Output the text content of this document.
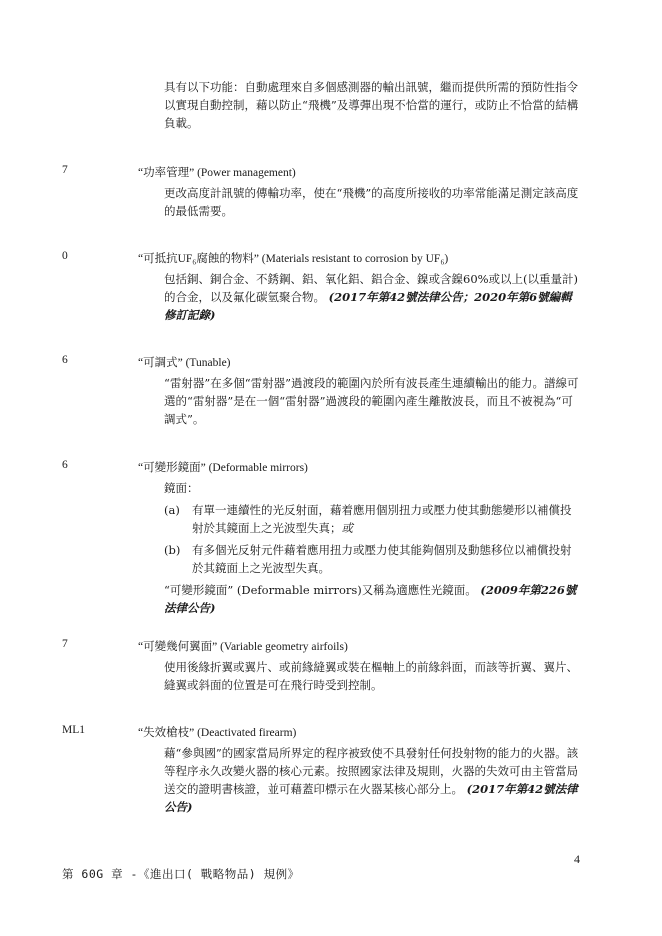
具有以下功能：自動處理來自多個感測器的輸出訊號，繼而提供所需的預防性指令以實現自動控制，藉以防止“飛機”及導彈出現不恰當的運行，或防止不恰當的結構負載。
7	“功率管理” (Power management)
更改高度計訊號的傳輸功率，使在“飛機”的高度所接收的功率常能滿足測定該高度的最低需要。
0	“可抵抗UF₆腐蝕的物料” (Materials resistant to corrosion by UF₆)
包括銅、銅合金、不銹鋼、鋁、氧化鋁、鋁合金、鎳或含鎳60%或以上(以重量計)的合金，以及氟化碳氫聚合物。 (2017年第42號法律公告；2020年第6號編輯修訂記錄)
6	“可調式” (Tunable)
“雷射器”在多個“雷射器”過渡段的範圍內於所有波長產生連續輸出的能力。譜線可選的“雷射器”是在一個“雷射器”過渡段的範圍內產生離散波長，而且不被視為“可調式”。
6	“可變形鏡面” (Deformable mirrors)
鏡面：
(a) 有單一連續性的光反射面，藉着應用個別扭力或壓力使其動態變形以補償投射於其鏡面上之光波型失真；或
(b) 有多個光反射元件藉着應用扭力或壓力使其能夠個別及動態移位以補償投射於其鏡面上之光波型失真。
“可變形鏡面” (Deformable mirrors)又稱為適應性光鏡面。 (2009年第226號法律公告)
7	“可變幾何翼面” (Variable geometry airfoils)
使用後緣折翼或翼片、或前緣縫翼或裝在樞軸上的前緣斜面，而該等折翼、翼片、縫翼或斜面的位置是可在飛行時受到控制。
ML1	“失效槍枝” (Deactivated firearm)
藉“參與國”的國家當局所界定的程序被致使不具發射任何投射物的能力的火器。該等程序永久改變火器的核心元素。按照國家法律及規則，火器的失效可由主管當局送交的證明書核證，並可藉蓋印標示在火器某核心部分上。 (2017年第42號法律公告)
4
第 60G 章 -《進出口( 戰略物品) 規例》
